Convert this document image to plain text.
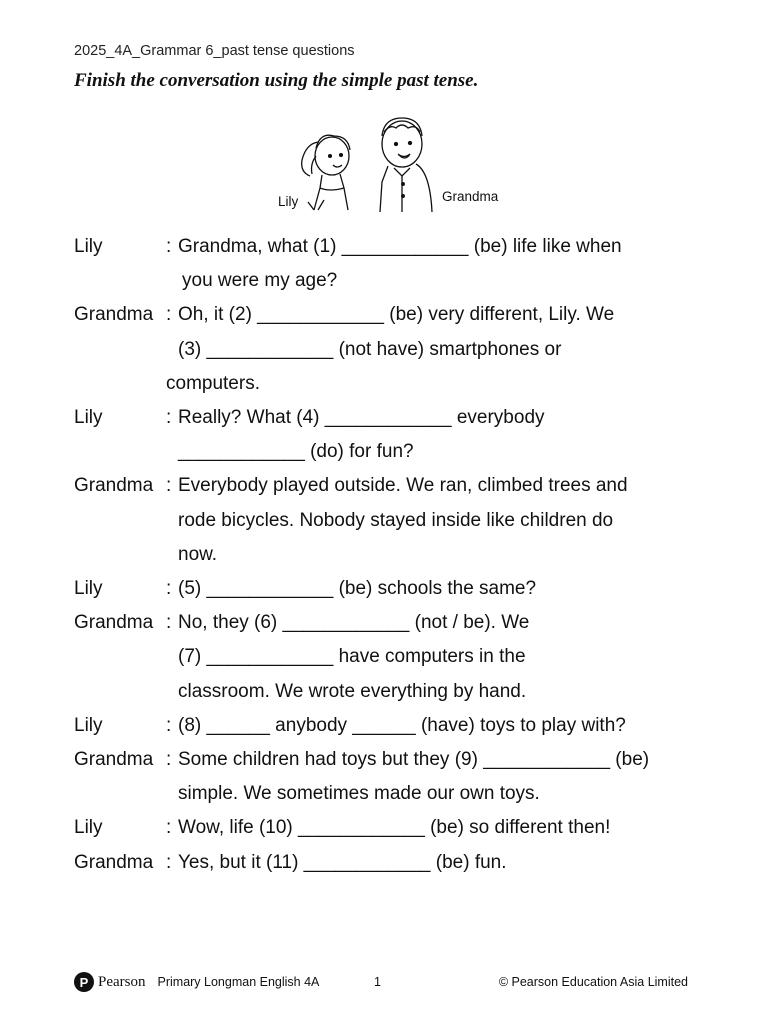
2025_4A_Grammar 6_past tense questions
Finish the conversation using the simple past tense.
Lily	Grandma
Lily	: Grandma, what (1) ____________ (be) life like when
you were my age?
Grandma : Oh, it (2) ____________ (be) very different, Lily. We
(3) ____________ (not have) smartphones or
computers.
Lily	: Really? What (4) ____________ everybody
____________ (do) for fun?
Grandma : Everybody played outside. We ran, climbed trees and
rode bicycles. Nobody stayed inside like children do
now.
Lily	: (5) ____________ (be) schools the same?
Grandma : No, they (6) ____________ (not / be). We
(7) ____________ have computers in the
classroom. We wrote everything by hand.
Lily	: (8) ______ anybody ______ (have) toys to play with?
Grandma : Some children had toys but they (9) ____________ (be)
simple. We sometimes made our own toys.
Lily	: Wow, life (10) ____________ (be) so different then!
Grandma : Yes, but it (11) ____________ (be) fun.
P Pearson Primary Longman English 4A	1	© Pearson Education Asia Limited
